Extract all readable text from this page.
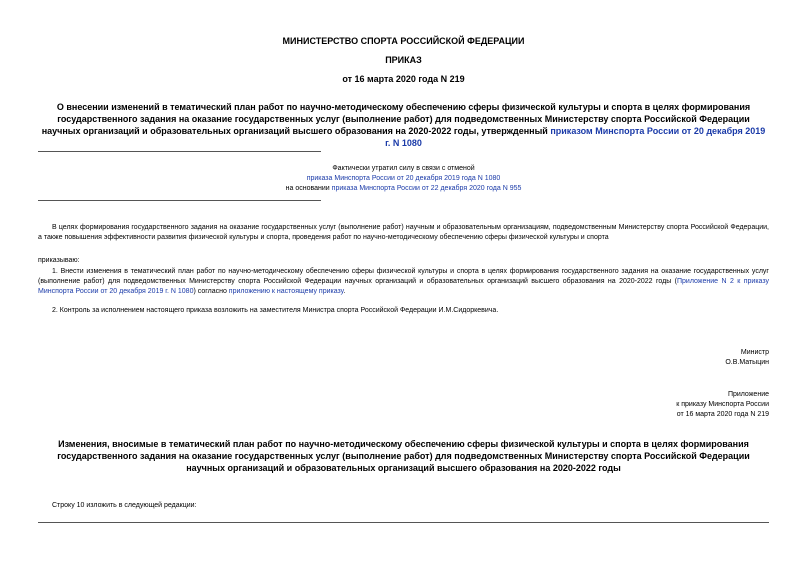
МИНИСТЕРСТВО СПОРТА РОССИЙСКОЙ ФЕДЕРАЦИИ
ПРИКАЗ
от 16 марта 2020 года N 219
О внесении изменений в тематический план работ по научно-методическому обеспечению сферы физической культуры и спорта в целях формирования государственного задания на оказание государственных услуг (выполнение работ) для подведомственных Министерству спорта Российской Федерации научных организаций и образовательных организаций высшего образования на 2020-2022 годы, утвержденный приказом Минспорта России от 20 декабря 2019 г. N 1080
Фактически утратил силу в связи с отменой
приказа Минспорта России от 20 декабря 2019 года N 1080
на основании приказа Минспорта России от 22 декабря 2020 года N 955
В целях формирования государственного задания на оказание государственных услуг (выполнение работ) научным и образовательным организациям, подведомственным Министерству спорта Российской Федерации, а также повышения эффективности развития физической культуры и спорта, проведения работ по научно-методическому обеспечению сферы физической культуры и спорта
приказываю:
1. Внести изменения в тематический план работ по научно-методическому обеспечению сферы физической культуры и спорта в целях формирования государственного задания на оказание государственных услуг (выполнение работ) для подведомственных Министерству спорта Российской Федерации научных организаций и образовательных организаций высшего образования на 2020-2022 годы (Приложение N 2 к приказу Минспорта России от 20 декабря 2019 г. N 1080) согласно приложению к настоящему приказу.
2. Контроль за исполнением настоящего приказа возложить на заместителя Министра спорта Российской Федерации И.М.Сидоркевича.
Министр
О.В.Матыцин
Приложение
к приказу Минспорта России
от 16 марта 2020 года N 219
Изменения, вносимые в тематический план работ по научно-методическому обеспечению сферы физической культуры и спорта в целях формирования государственного задания на оказание государственных услуг (выполнение работ) для подведомственных Министерству спорта Российской Федерации научных организаций и образовательных организаций высшего образования на 2020-2022 годы
Строку 10 изложить в следующей редакции:
